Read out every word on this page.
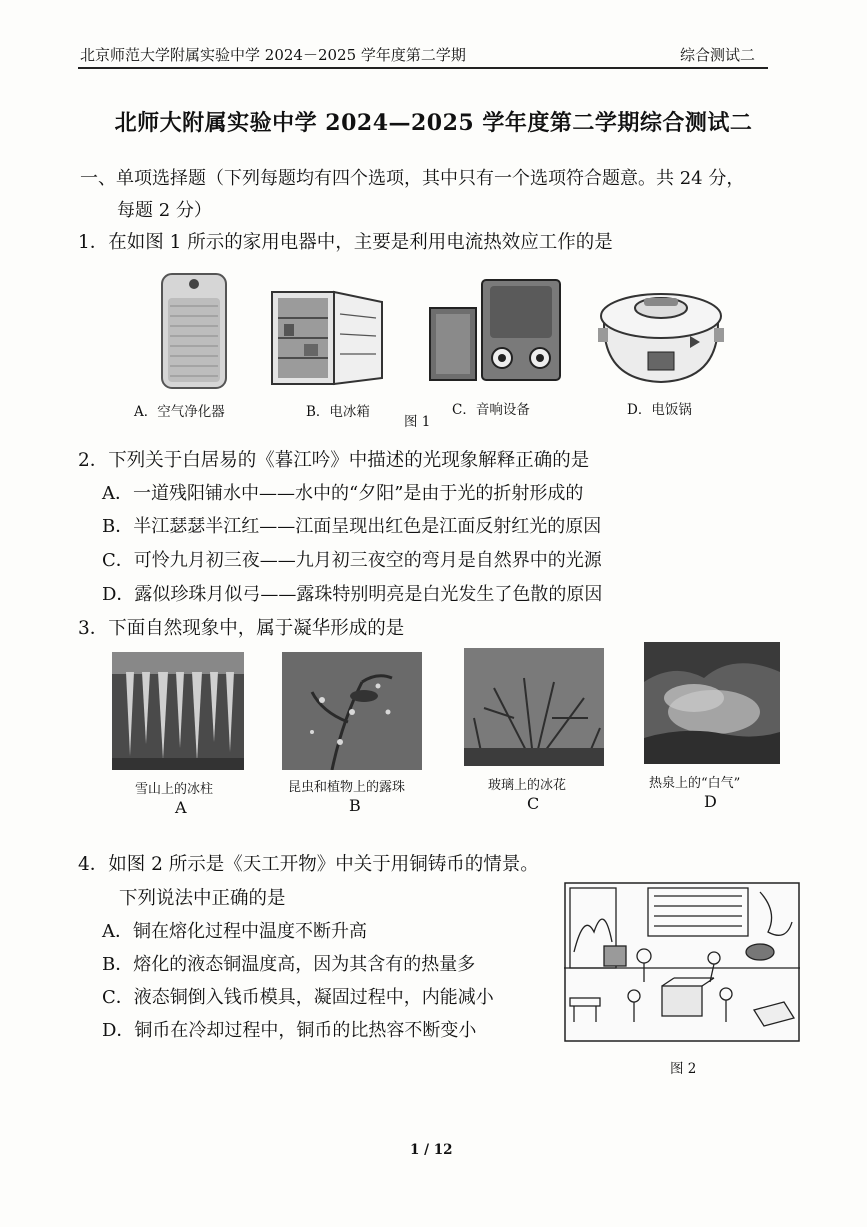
北京师范大学附属实验中学 2024－2025 学年度第二学期	综合测试二
北师大附属实验中学 2024—2025 学年度第二学期综合测试二
一、单项选择题（下列每题均有四个选项，其中只有一个选项符合题意。共 24 分，
每题 2 分）
1．在如图 1 所示的家用电器中，主要是利用电流热效应工作的是
A．空气净化器	B．电冰箱
图 1
C．音响设备	D．电饭锅
2．下列关于白居易的《暮江吟》中描述的光现象解释正确的是
A．一道残阳铺水中——水中的“夕阳”是由于光的折射形成的
B．半江瑟瑟半江红——江面呈现出红色是江面反射红光的原因
C．可怜九月初三夜——九月初三夜空的弯月是自然界中的光源
D．露似珍珠月似弓——露珠特别明亮是白光发生了色散的原因
3．下面自然现象中，属于凝华形成的是
雪山上的冰柱	昆虫和植物上的露珠	玻璃上的冰花	热泉上的“白气”
A	B	C	D
4．如图 2 所示是《天工开物》中关于用铜铸币的情景。
下列说法中正确的是
A．铜在熔化过程中温度不断升高
B．熔化的液态铜温度高，因为其含有的热量多
C．液态铜倒入钱币模具，凝固过程中，内能减小
D．铜币在冷却过程中，铜币的比热容不断变小
图 2
1 / 12
